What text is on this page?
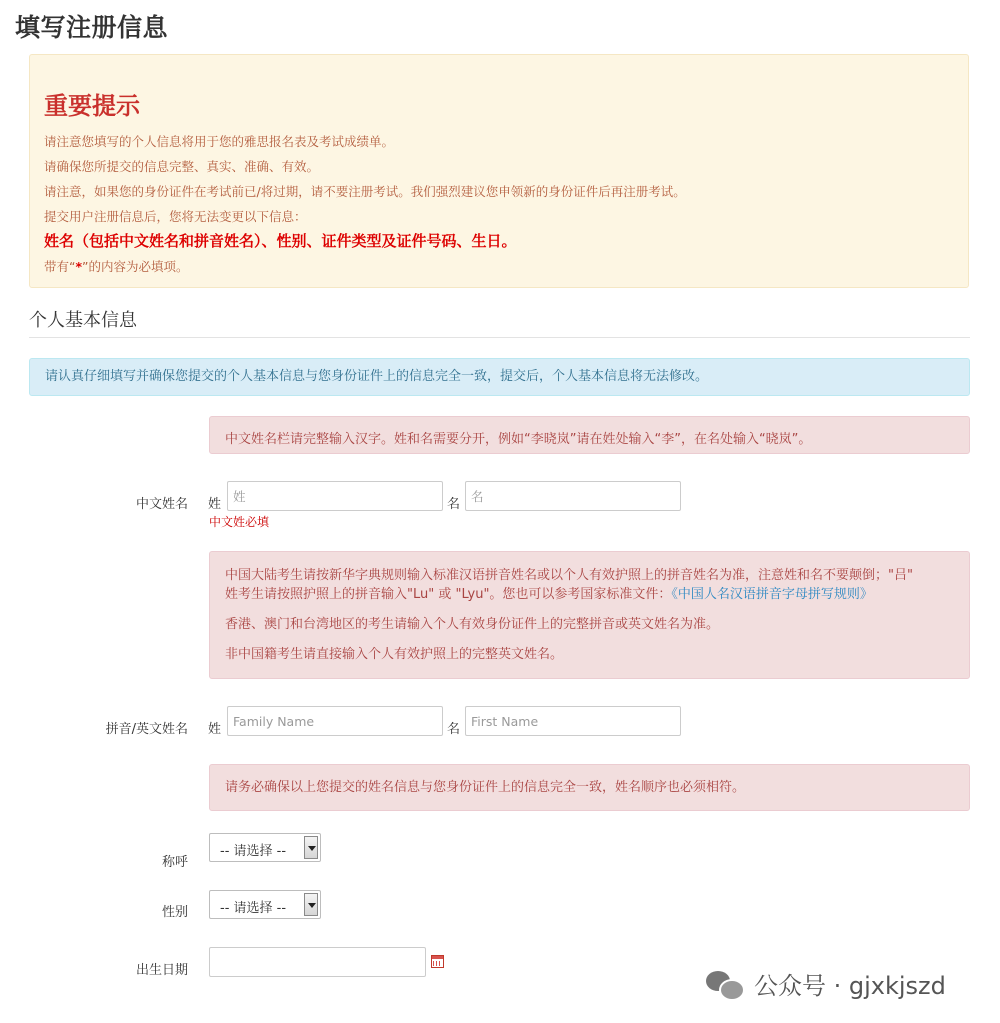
填写注册信息
重要提示
请注意您填写的个人信息将用于您的雅思报名表及考试成绩单。
请确保您所提交的信息完整、真实、准确、有效。
请注意，如果您的身份证件在考试前已/将过期，请不要注册考试。我们强烈建议您申领新的身份证件后再注册考试。
提交用户注册信息后，您将无法变更以下信息：
姓名（包括中文姓名和拼音姓名）、性别、证件类型及证件号码、生日。
带有“*”的内容为必填项。
个人基本信息
请认真仔细填写并确保您提交的个人基本信息与您身份证件上的信息完全一致，提交后，个人基本信息将无法修改。
中文姓名栏请完整输入汉字。姓和名需要分开，例如“李晓岚”请在姓处输入“李”，在名处输入“晓岚”。
中文姓名 姓
姓	名
名
中文姓必填
中国大陆考生请按新华字典规则输入标准汉语拼音姓名或以个人有效护照上的拼音姓名为准，注意姓和名不要颠倒；"吕"
姓考生请按照护照上的拼音输入"Lu" 或 "Lyu"。您也可以参考国家标准文件：《中国人名汉语拼音字母拼写规则》
香港、澳门和台湾地区的考生请输入个人有效身份证件上的完整拼音或英文姓名为准。
非中国籍考生请直接输入个人有效护照上的完整英文姓名。
拼音/英文姓名 姓
Family Name	名
First Name
请务必确保以上您提交的姓名信息与您身份证件上的信息完全一致，姓名顺序也必须相符。
称呼
-- 请选择 --
性别 -- 请选择 --
出生日期
公众号 · gjxkjszd
